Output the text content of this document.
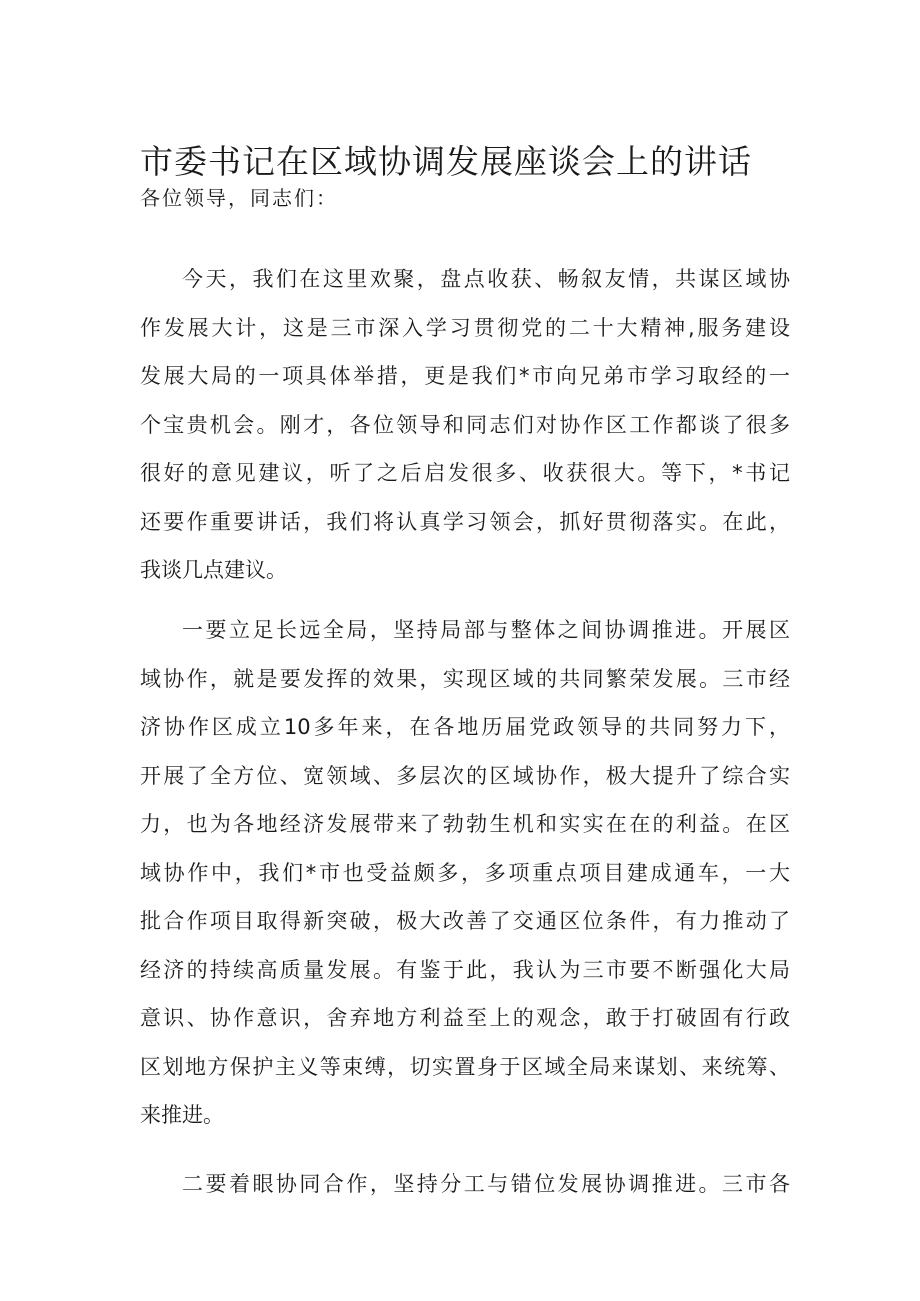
市委书记在区域协调发展座谈会上的讲话

各位领导，同志们：

今天，我们在这里欢聚，盘点收获、畅叙友情，共谋区域协
作发展大计，这是三市深入学习贯彻党的二十大精神,服务建设
发展大局的一项具体举措，更是我们*市向兄弟市学习取经的一
个宝贵机会。刚才，各位领导和同志们对协作区工作都谈了很多
很好的意见建议，听了之后启发很多、收获很大。等下，*书记
还要作重要讲话，我们将认真学习领会，抓好贯彻落实。在此，
我谈几点建议。
一要立足长远全局，坚持局部与整体之间协调推进。开展区
域协作，就是要发挥的效果，实现区域的共同繁荣发展。三市经
济协作区成立10多年来，在各地历届党政领导的共同努力下，
开展了全方位、宽领域、多层次的区域协作，极大提升了综合实
力，也为各地经济发展带来了勃勃生机和实实在在的利益。在区
域协作中，我们*市也受益颇多，多项重点项目建成通车，一大
批合作项目取得新突破，极大改善了交通区位条件，有力推动了
经济的持续高质量发展。有鉴于此，我认为三市要不断强化大局
意识、协作意识，舍弃地方利益至上的观念，敢于打破固有行政
区划地方保护主义等束缚，切实置身于区域全局来谋划、来统筹、
来推进。
二要着眼协同合作，坚持分工与错位发展协调推进。三市各
